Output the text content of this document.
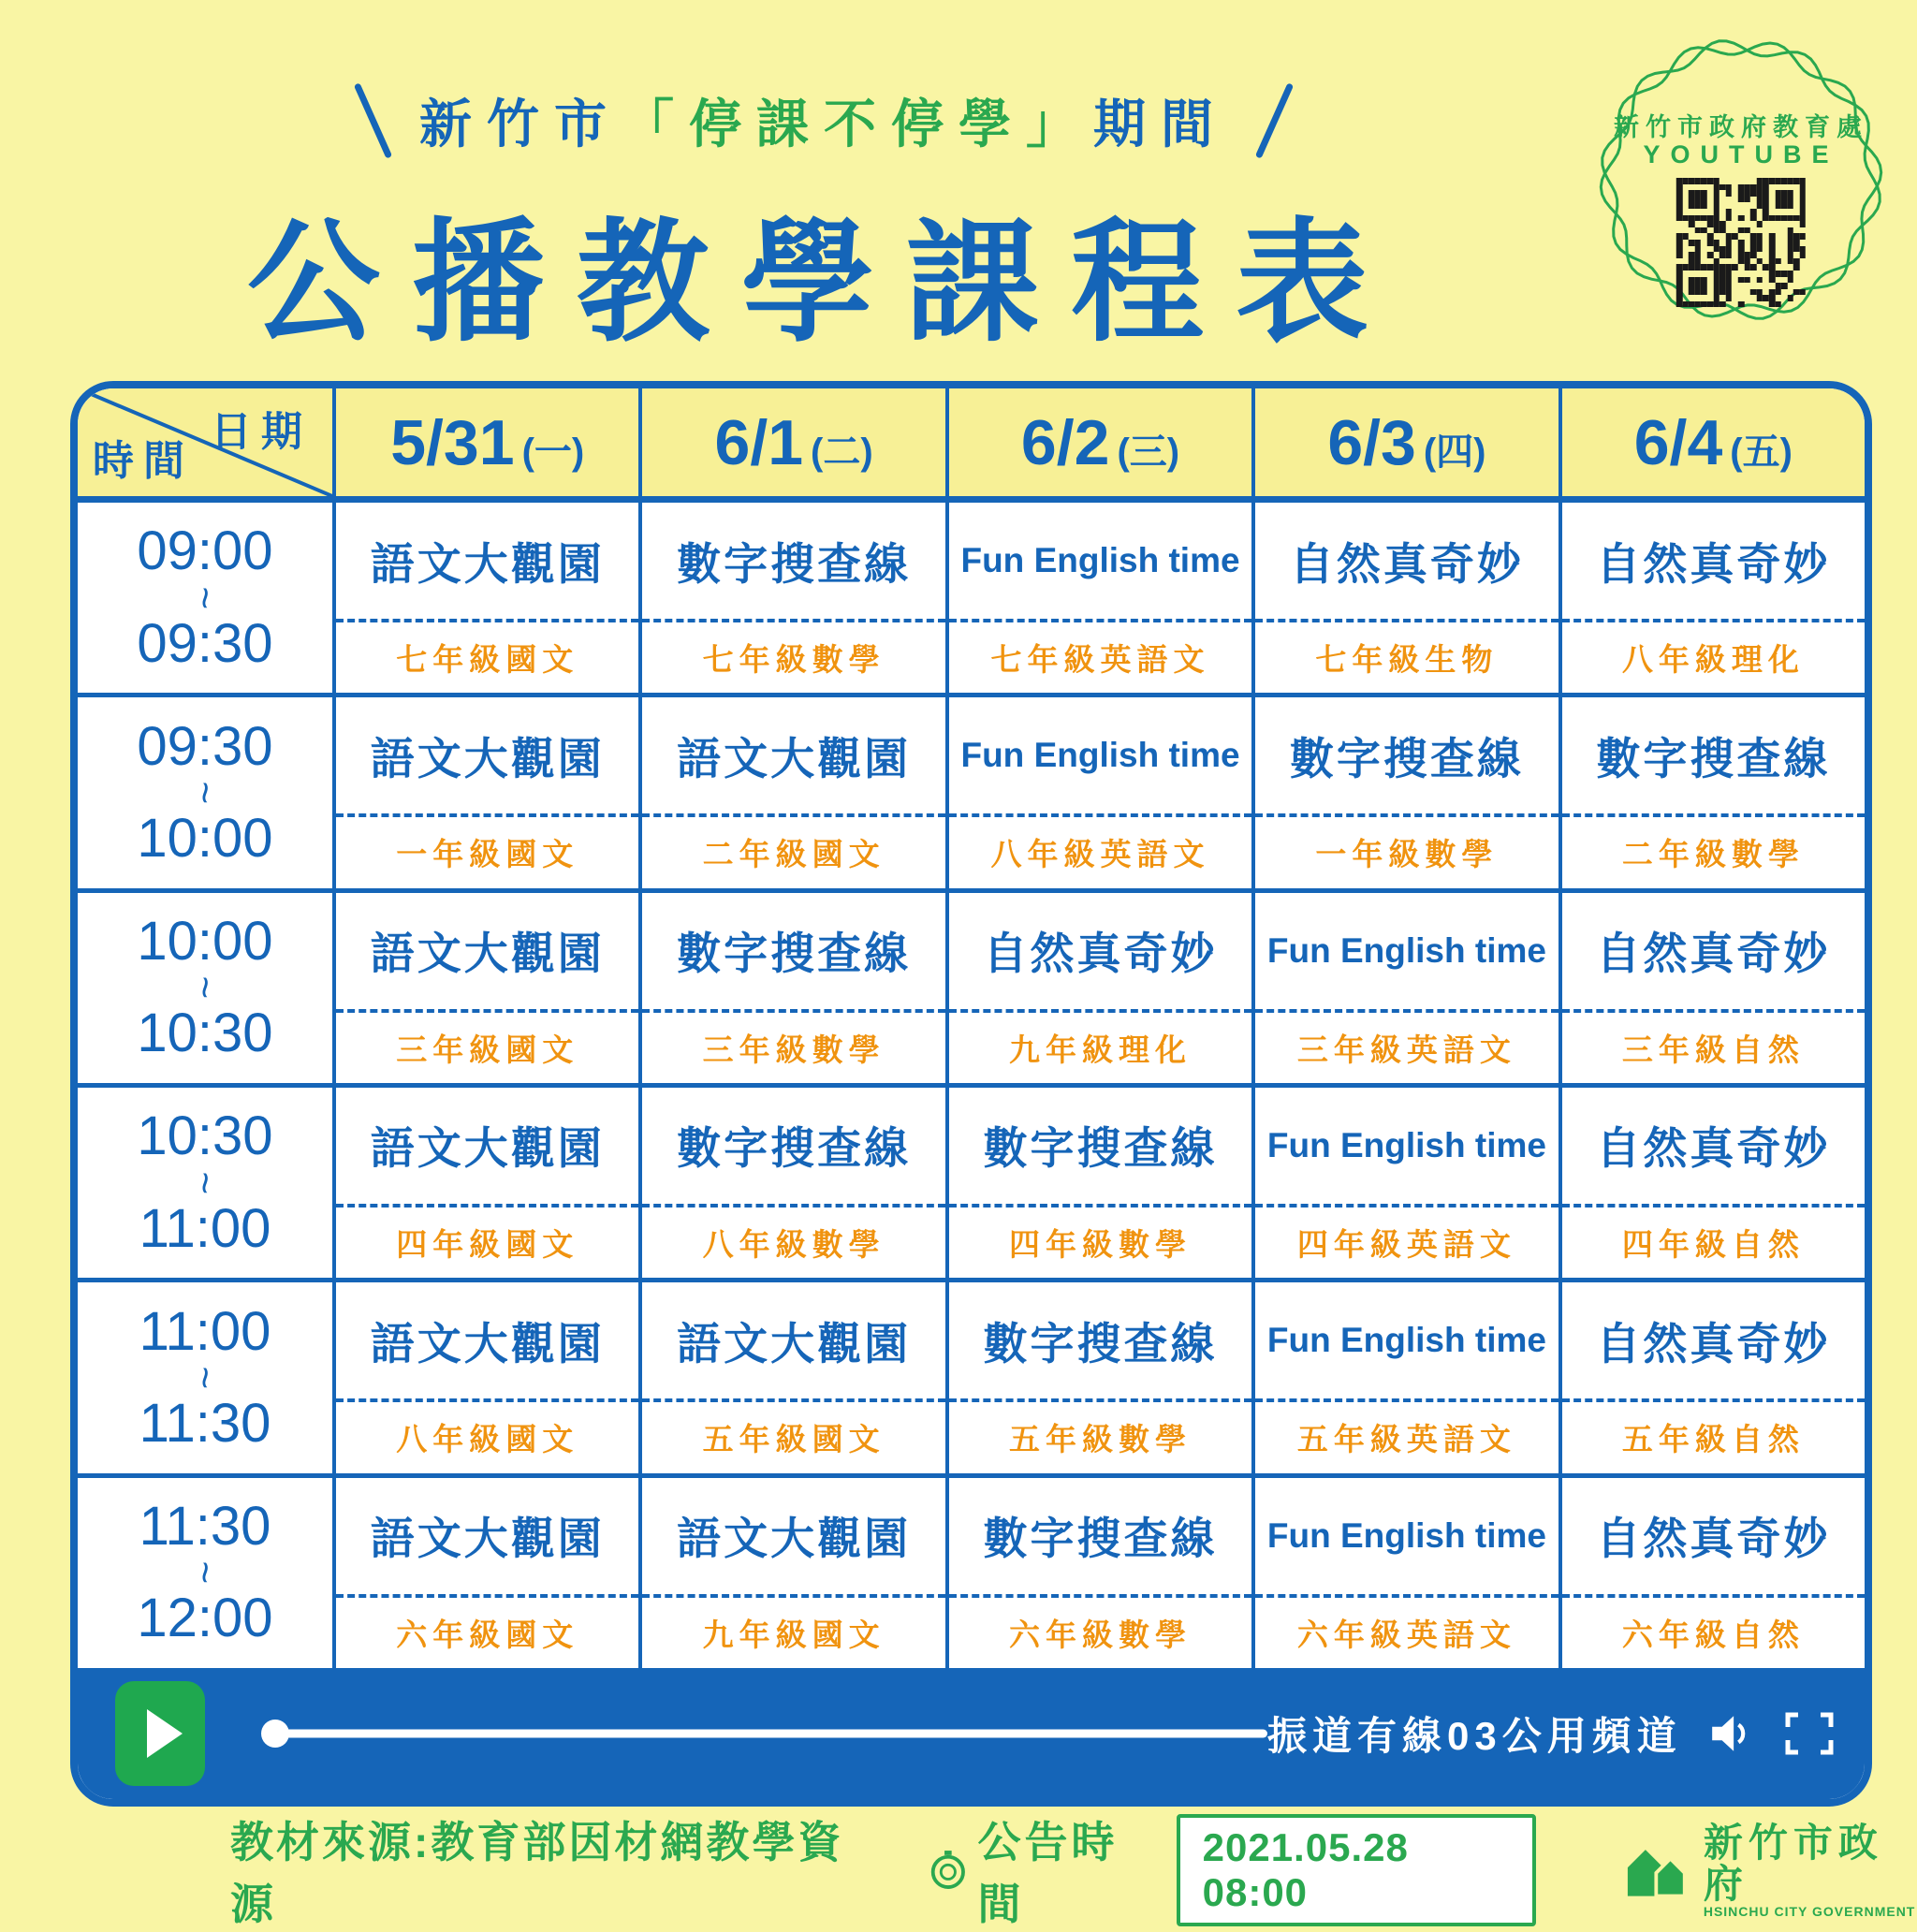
新竹市「停課不停學」期間
公播教學課程表
新竹市政府教育處
YOUTUBE
日期
時間	5/31 (一) 6/1 (二) 6/2 (三) 6/3 (四) 6/4 (五)
09:00
~
09:30
語文大觀園
七年級國文
數字搜查線
七年級數學
Fun English time
七年級英語文
自然真奇妙
七年級生物
自然真奇妙
八年級理化
09:30
~
10:00
語文大觀園
一年級國文
語文大觀園
二年級國文
Fun English time
八年級英語文
數字搜查線
一年級數學
數字搜查線
二年級數學
10:00
~
10:30
語文大觀園
三年級國文
數字搜查線
三年級數學
自然真奇妙
九年級理化
Fun English time
三年級英語文
自然真奇妙
三年級自然
10:30
~
11:00
語文大觀園
四年級國文
數字搜查線
八年級數學
數字搜查線
四年級數學
Fun English time
四年級英語文
自然真奇妙
四年級自然
11:00
~
11:30
語文大觀園
八年級國文
語文大觀園
五年級國文
數字搜查線
五年級數學
Fun English time
五年級英語文
自然真奇妙
五年級自然
11:30
~
12:00
語文大觀園
六年級國文
語文大觀園
九年級國文
數字搜查線
六年級數學
Fun English time
六年級英語文
自然真奇妙
六年級自然
振道有線03公用頻道
教材來源:教育部因材網教學資源
公告時間
2021.05.28 08:00
新竹市政府
HSINCHU CITY GOVERNMENT
